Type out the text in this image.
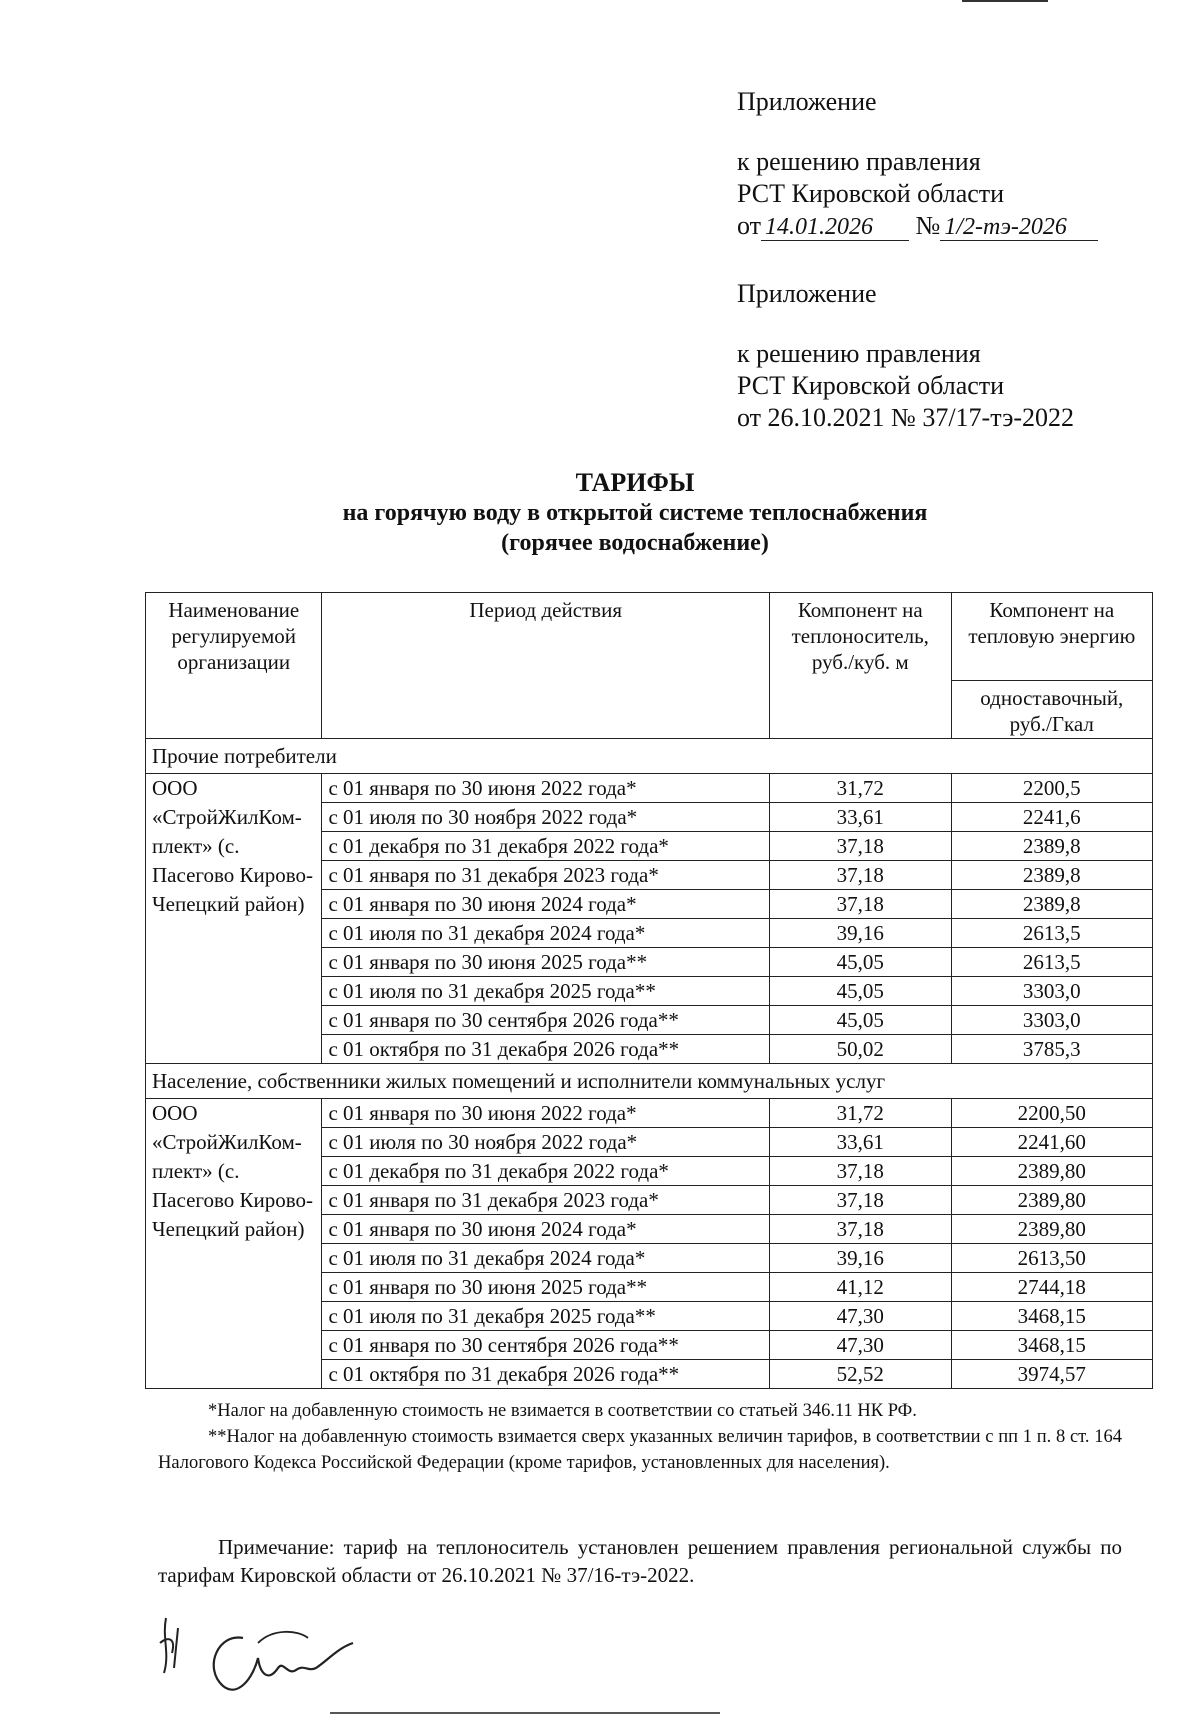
Приложение
к решению правления
РСТ Кировской области
от 14.01.2026 № 1/2-тэ-2026
Приложение
к решению правления
РСТ Кировской области
от 26.10.2021 № 37/17-тэ-2022
ТАРИФЫ
на горячую воду в открытой системе теплоснабжения
(горячее водоснабжение)
Наименование регулируемой организации	Период действия	Компонент на теплоноситель, руб./куб. м	Компонент на тепловую энергию
			одноставочный, руб./Гкал
Прочие потребители			
ООО «СтройЖилКом-плект» (с. Пасегово Кирово-Чепецкий район)	с 01 января по 30 июня 2022 года*	31,72	2200,5
	с 01 июля по 30 ноября 2022 года*	33,61	2241,6
	с 01 декабря по 31 декабря 2022 года*	37,18	2389,8
	с 01 января по 31 декабря 2023 года*	37,18	2389,8
	с 01 января по 30 июня 2024 года*	37,18	2389,8
	с 01 июля по 31 декабря 2024 года*	39,16	2613,5
	с 01 января по 30 июня 2025 года**	45,05	2613,5
	с 01 июля по 31 декабря 2025 года**	45,05	3303,0
	с 01 января по 30 сентября 2026 года**	45,05	3303,0
	с 01 октября по 31 декабря 2026 года**	50,02	3785,3
Население, собственники жилых помещений и исполнители коммунальных услуг			
ООО «СтройЖилКом-плект» (с. Пасегово Кирово-Чепецкий район)	с 01 января по 30 июня 2022 года*	31,72	2200,50
	с 01 июля по 30 ноября 2022 года*	33,61	2241,60
	с 01 декабря по 31 декабря 2022 года*	37,18	2389,80
	с 01 января по 31 декабря 2023 года*	37,18	2389,80
	с 01 января по 30 июня 2024 года*	37,18	2389,80
	с 01 июля по 31 декабря 2024 года*	39,16	2613,50
	с 01 января по 30 июня 2025 года**	41,12	2744,18
	с 01 июля по 31 декабря 2025 года**	47,30	3468,15
	с 01 января по 30 сентября 2026 года**	47,30	3468,15
	с 01 октября по 31 декабря 2026 года**	52,52	3974,57

*Налог на добавленную стоимость не взимается в соответствии со статьей 346.11 НК РФ.

**Налог на добавленную стоимость взимается сверх указанных величин тарифов, в соответствии с пп 1 п. 8 ст. 164 Налогового Кодекса Российской Федерации (кроме тарифов, установленных для населения).

Примечание: тариф на теплоноситель установлен решением правления региональной службы по тарифам Кировской области от 26.10.2021 № 37/16-тэ-2022.
